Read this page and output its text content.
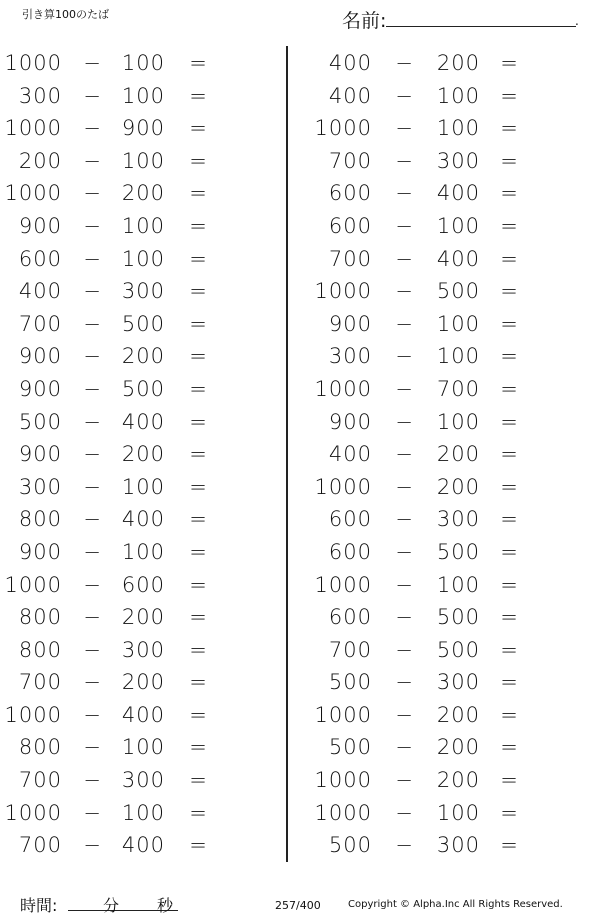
引き算100のたば	名前:	.
1000 −	100 =
300 −	100 =
1000 −	900 =
200 −	100 =
1000 −	200 =
900 −	100 =
600 −	100 =
400 −	300 =
700 −	500 =
900 −	200 =
900 −	500 =
500 −	400 =
900 −	200 =
300 −	100 =
800 −	400 =
900 −	100 =
1000 −	600 =
800 −	200 =
800 −	300 =
700 −	200 =
1000 −	400 =
800 −	100 =
700 −	300 =
1000 −	100 =
700 −	400 =
400 −	200 =
400 −	100 =
1000 −	100 =
700 −	300 =
600 −	400 =
600 −	100 =
700 −	400 =
1000 −	500 =
900 −	100 =
300 −	100 =
1000 −	700 =
900 −	100 =
400 −	200 =
1000 −	200 =
600 −	300 =
600 −	500 =
1000 −	100 =
600 −	500 =
700 −	500 =
500 −	300 =
1000 −	200 =
500 −	200 =
1000 −	200 =
1000 −	100 =
500 −	300 =
時間:	分 秒	257/400	Copyright © Alpha.Inc All Rights Reserved.
